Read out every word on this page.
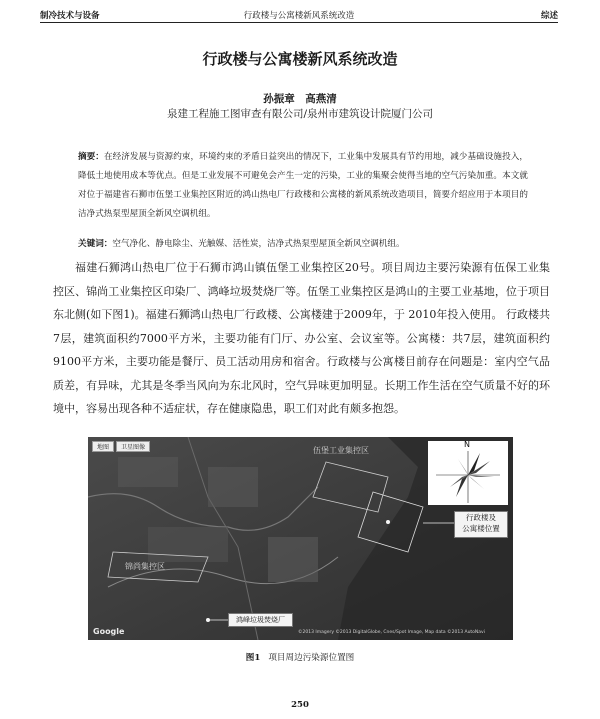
制冷技术与设备	行政楼与公寓楼新风系统改造	综述
行政楼与公寓楼新风系统改造
孙振章　高燕清
泉建工程施工图审查有限公司/泉州市建筑设计院厦门公司
摘要：在经济发展与资源约束，环境约束的矛盾日益突出的情况下，工业集中发展具有节约用地，减少基础设施投入，降低土地使用成本等优点。但是工业发展不可避免会产生一定的污染，工业的集聚会使得当地的空气污染加重。本文就对位于福建省石狮市伍堡工业集控区附近的鸿山热电厂行政楼和公寓楼的新风系统改造项目，简要介绍应用于本项目的洁净式热泵型屋顶全新风空调机组。
关键词：空气净化、静电除尘、光触媒、活性炭，洁净式热泵型屋顶全新风空调机组。
福建石狮鸿山热电厂位于石狮市鸿山镇伍堡工业集控区20号。项目周边主要污染源有伍保工业集控区、锦尚工业集控区印染厂、鸿峰垃圾焚烧厂等。伍堡工业集控区是鸿山的主要工业基地，位于项目东北侧(如下图1)。福建石狮鸿山热电厂行政楼、公寓楼建于2009年，于 2010年投入使用。 行政楼共7层，建筑面积约7000平方米，主要功能有门厅、办公室、会议室等。公寓楼：共7层，建筑面积约9100平方米，主要功能是餐厅、员工活动用房和宿舍。行政楼与公寓楼目前存在问题是：室内空气品质差，有异味，尤其是冬季当风向为东北风时，空气异味更加明显。长期工作生活在空气质量不好的环境中，容易出现各种不适症状，存在健康隐患，职工们对此有颇多抱怨。
地图	卫星图像	伍堡工业集控区
锦尚集控区
行政楼及
公寓楼位置
鸿峰垃圾焚烧厂
N
Google	©2013 Imagery ©2013 DigitalGlobe, Cnes/Spot Image, Map data ©2013 AutoNavi
图1 项目周边污染源位置图
250
